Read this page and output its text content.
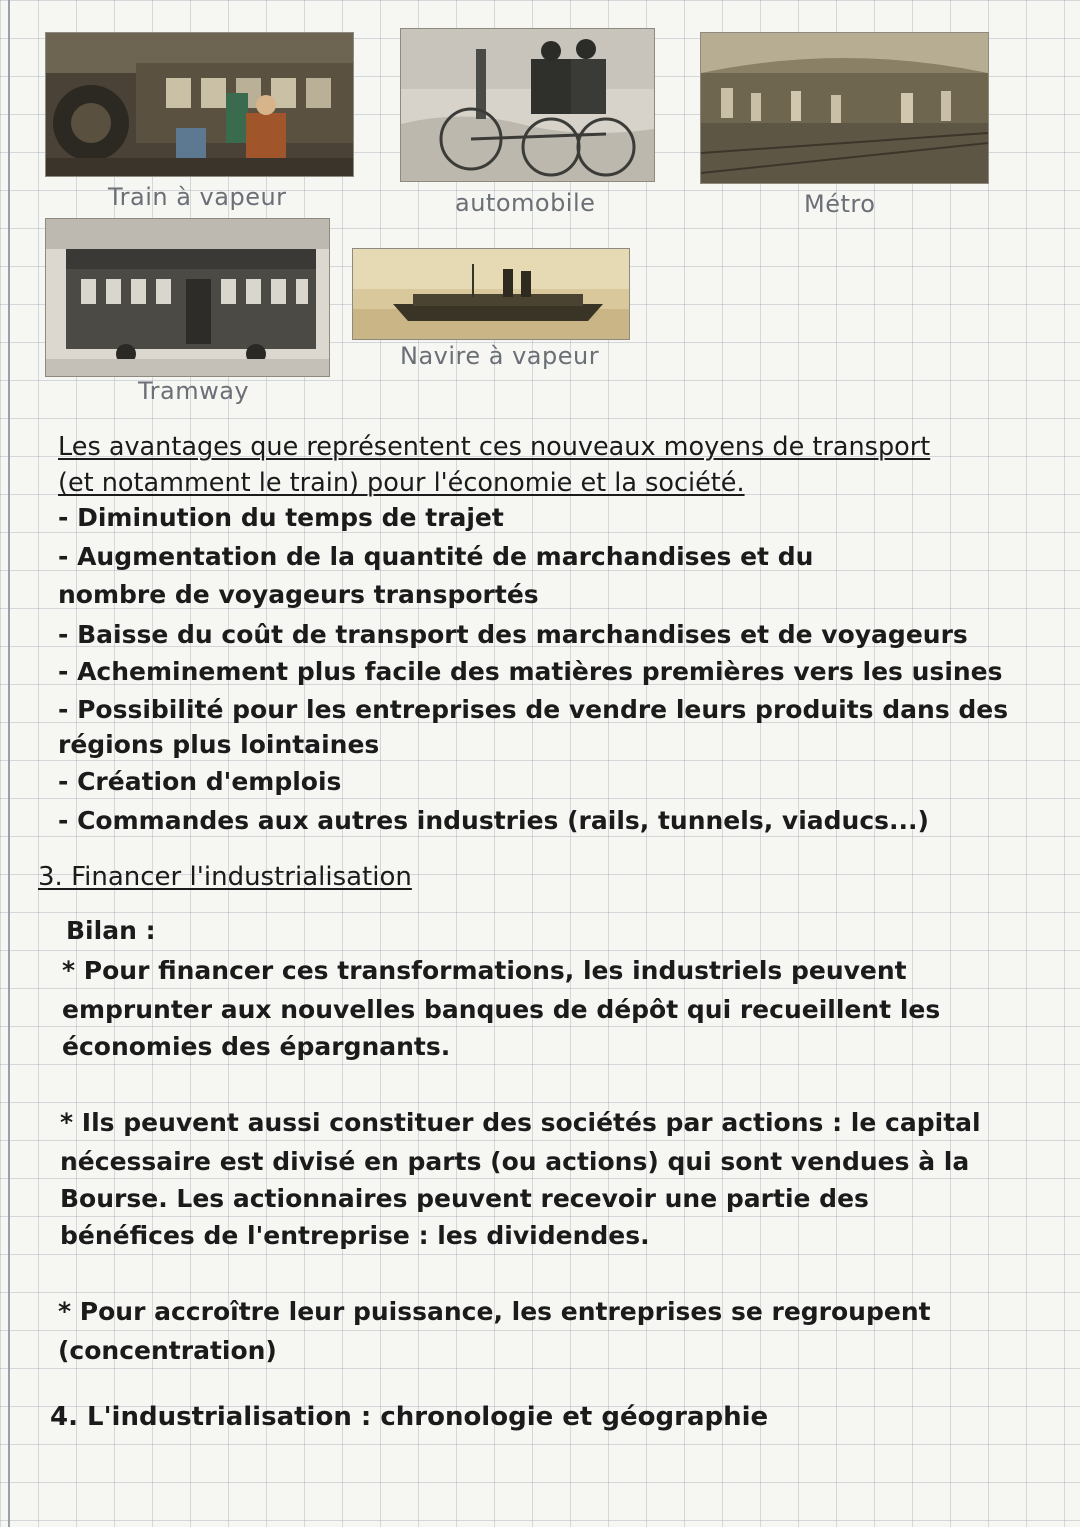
Train à vapeur	automobile	Métro
Tramway
Navire à vapeur
Les avantages que représentent ces nouveaux moyens de transport
(et notamment le train) pour l'économie et la société.
- Diminution du temps de trajet
- Augmentation de la quantité de marchandises et du
nombre de voyageurs transportés
- Baisse du coût de transport des marchandises et de voyageurs
- Acheminement plus facile des matières premières vers les usines
- Possibilité pour les entreprises de vendre leurs produits dans des
régions plus lointaines
- Création d'emplois
- Commandes aux autres industries (rails, tunnels, viaducs...)
3. Financer l'industrialisation
Bilan :
* Pour financer ces transformations, les industriels peuvent
emprunter aux nouvelles banques de dépôt qui recueillent les
économies des épargnants.
* Ils peuvent aussi constituer des sociétés par actions : le capital
nécessaire est divisé en parts (ou actions) qui sont vendues à la
Bourse. Les actionnaires peuvent recevoir une partie des
bénéfices de l'entreprise : les dividendes.
* Pour accroître leur puissance, les entreprises se regroupent
(concentration)
4. L'industrialisation : chronologie et géographie
